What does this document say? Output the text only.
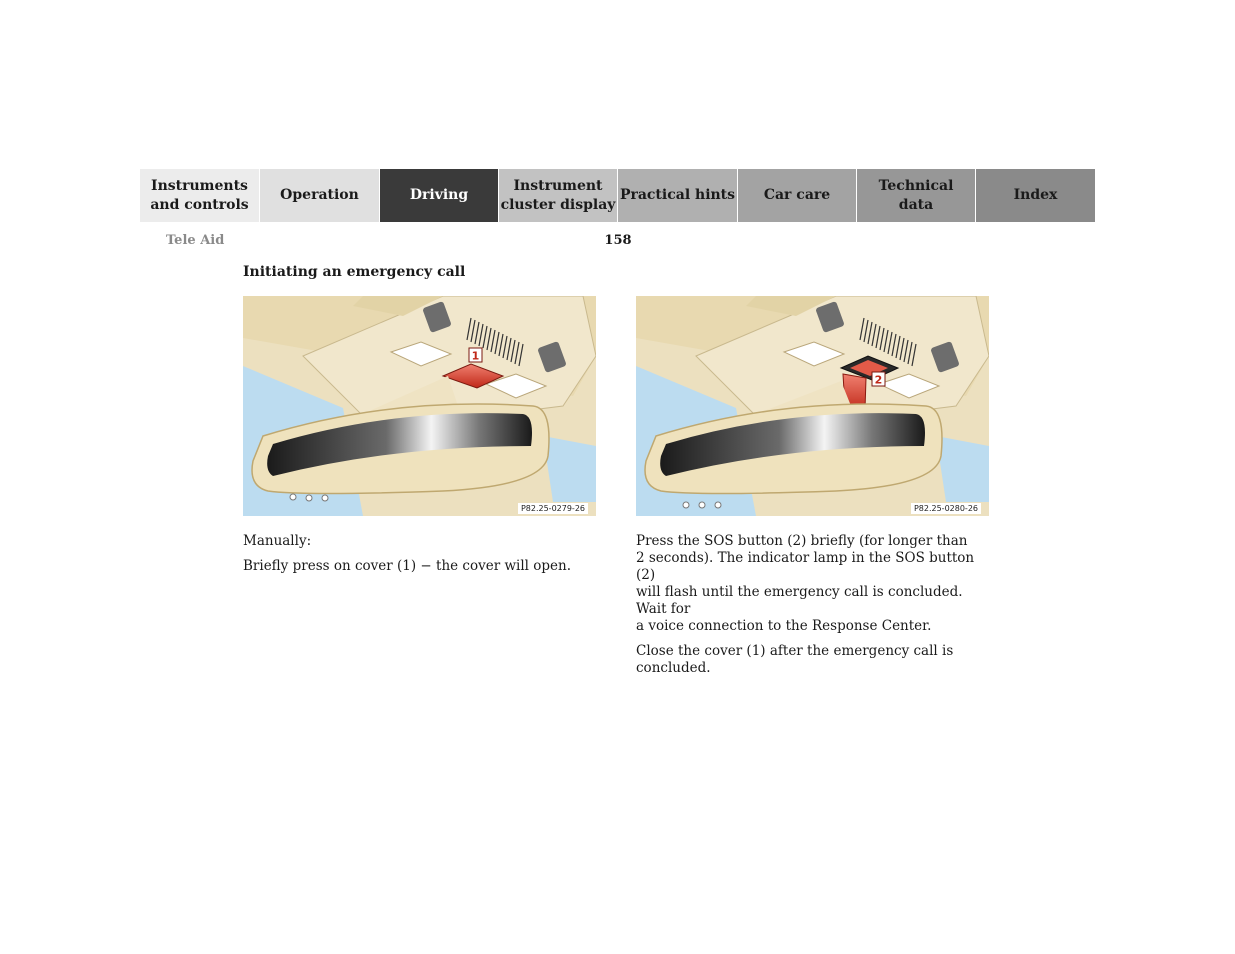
Instruments
and controls
Operation	Driving
Instrument
cluster display
Practical hints Car care
Technical
data
Index
Tele Aid	158
Initiating an emergency call
1
P82.25-0279-26
2
P82.25-0280-26

Manually:

Briefly press on cover (1) − the cover will open.

Press the SOS button (2) briefly (for longer than
2 seconds). The indicator lamp in the SOS button (2)
will flash until the emergency call is concluded. Wait for
a voice connection to the Response Center.

Close the cover (1) after the emergency call is
concluded.
